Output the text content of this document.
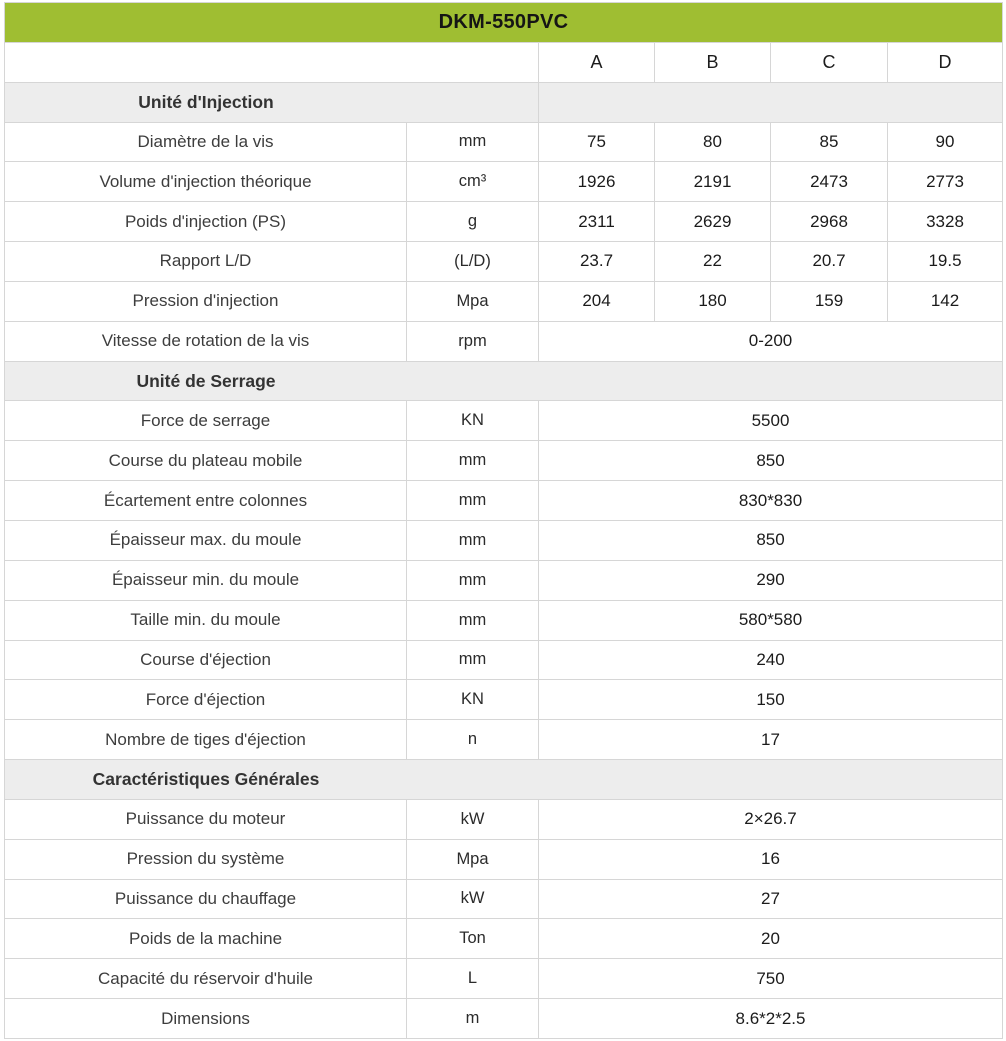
DKM-550PVC					
		A	B	C	D

Unité d'Injection					

Diamètre de la vis	mm	75	80	85	90
Volume d'injection théorique	cm³	1926	2191	2473	2773
Poids d'injection (PS)	g	2311	2629	2968	3328
Rapport L/D	(L/D)	23.7	22	20.7	19.5
Pression d'injection	Mpa	204	180	159	142
Vitesse de rotation de la vis	rpm	0-200			

Unité de Serrage					

Force de serrage	KN	5500			
Course du plateau mobile	mm	850			
Écartement entre colonnes	mm	830*830			
Épaisseur max. du moule	mm	850			
Épaisseur min. du moule	mm	290			
Taille min. du moule	mm	580*580			
Course d'éjection	mm	240			
Force d'éjection	KN	150			
Nombre de tiges d'éjection	n	17			

Caractéristiques Générales					

Puissance du moteur	kW	2×26.7			
Pression du système	Mpa	16			
Puissance du chauffage	kW	27			
Poids de la machine	Ton	20			
Capacité du réservoir d'huile	L	750			
Dimensions	m	8.6*2*2.5			
